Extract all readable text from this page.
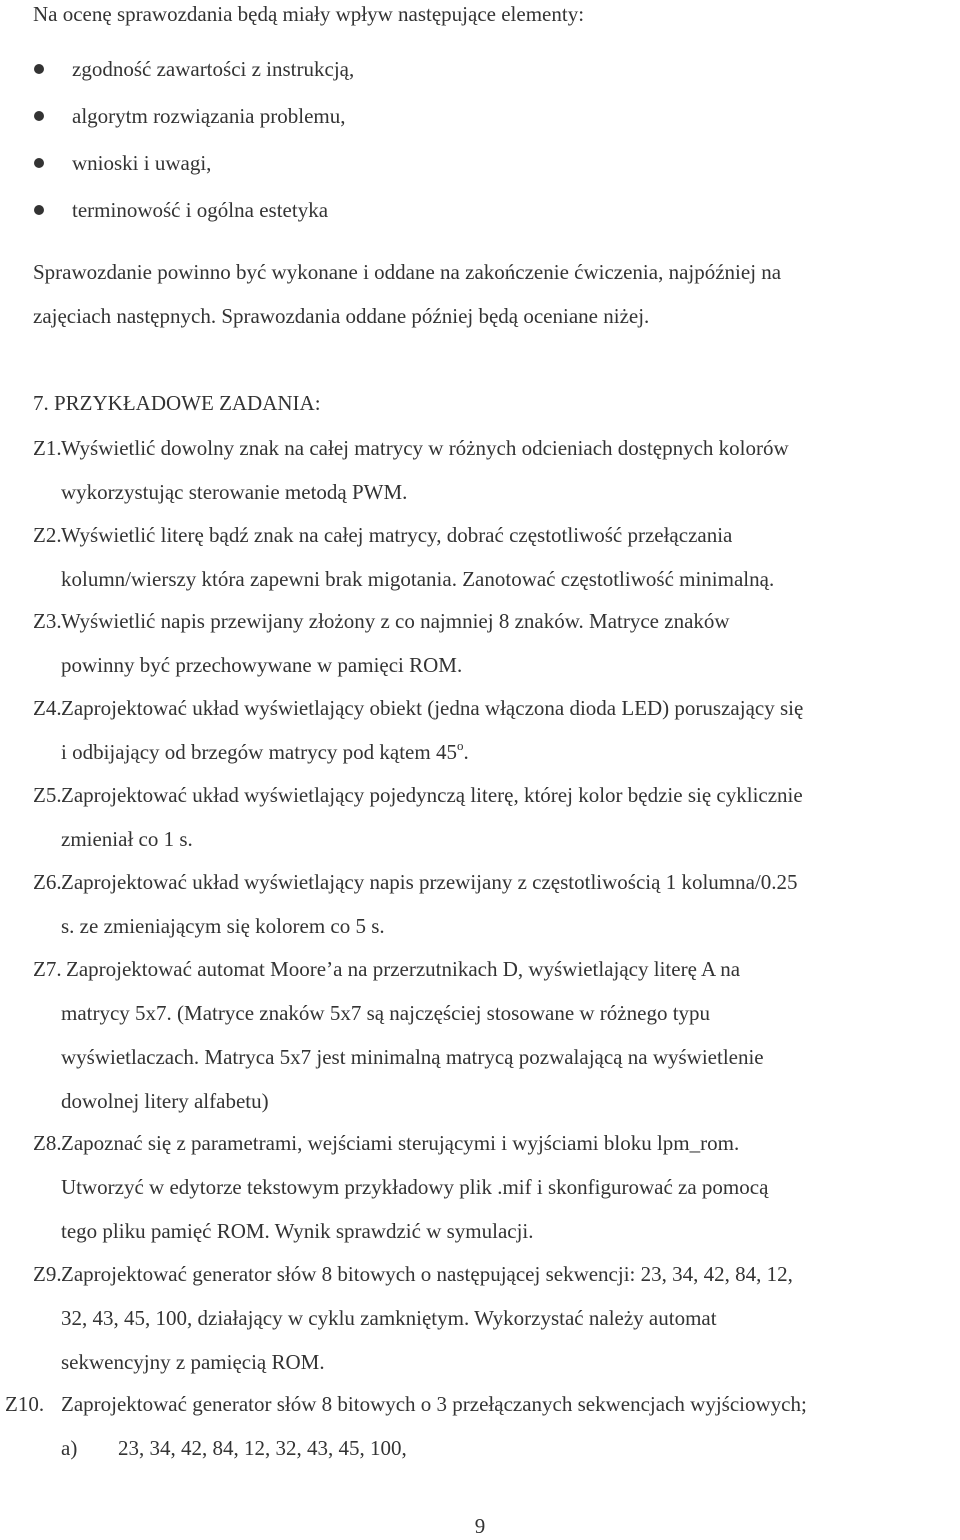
Na ocenę sprawozdania będą miały wpływ następujące elementy:
zgodność zawartości z instrukcją,
algorytm rozwiązania problemu,
wnioski i uwagi,
terminowość i ogólna estetyka
Sprawozdanie powinno być wykonane i oddane na zakończenie ćwiczenia, najpóźniej na
zajęciach następnych. Sprawozdania oddane później będą oceniane niżej.
7. PRZYKŁADOWE ZADANIA:
Z1. Wyświetlić dowolny znak na całej matrycy w różnych odcieniach dostępnych kolorów
wykorzystując sterowanie metodą PWM.
Z2. Wyświetlić literę bądź znak na całej matrycy, dobrać częstotliwość przełączania
kolumn/wierszy która zapewni brak migotania. Zanotować częstotliwość minimalną.
Z3. Wyświetlić napis przewijany złożony z co najmniej 8 znaków. Matryce znaków
powinny być przechowywane w pamięci ROM.
Z4. Zaprojektować układ wyświetlający obiekt (jedna włączona dioda LED) poruszający się
i odbijający od brzegów matrycy pod kątem 45$^o$.
Z5. Zaprojektować układ wyświetlający pojedynczą literę, której kolor będzie się cyklicznie
zmieniał co 1 s.
Z6. Zaprojektować układ wyświetlający napis przewijany z częstotliwością 1 kolumna/0.25
s. ze zmieniającym się kolorem co 5 s.
Z7. Zaprojektować automat Moore’a na przerzutnikach D, wyświetlający literę A na
matrycy 5x7. (Matryce znaków 5x7 są najczęściej stosowane w różnego typu
wyświetlaczach. Matryca 5x7 jest minimalną matrycą pozwalającą na wyświetlenie
dowolnej litery alfabetu)
Z8. Zapoznać się z parametrami, wejściami sterującymi i wyjściami bloku lpm_rom.
Utworzyć w edytorze tekstowym przykładowy plik .mif i skonfigurować za pomocą
tego pliku pamięć ROM. Wynik sprawdzić w symulacji.
Z9. Zaprojektować generator słów 8 bitowych o następującej sekwencji: 23, 34, 42, 84, 12,
32, 43, 45, 100, działający w cyklu zamkniętym. Wykorzystać należy automat
sekwencyjny z pamięcią ROM.
Z10. Zaprojektować generator słów 8 bitowych o 3 przełączanych sekwencjach wyjściowych;
a) 23, 34, 42, 84, 12, 32, 43, 45, 100,
9
